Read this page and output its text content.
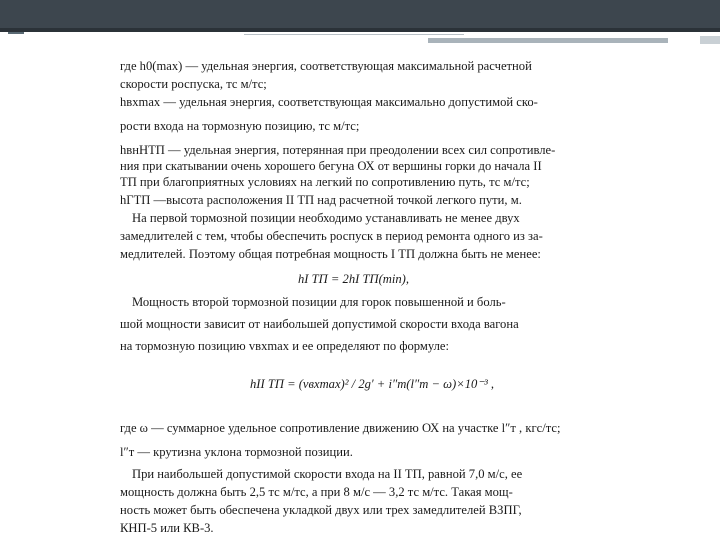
где h0(max) — удельная энергия, соответствующая максимальной расчетной
скорости роспуска, тс м/тс;
hвхmax — удельная энергия, соответствующая максимально допустимой ско-
рости входа на тормозную позицию, тс м/тс;
hвнНТП — удельная энергия, потерянная при преодолении всех сил сопротивле-
ния при скатывании очень хорошего бегуна ОХ от вершины горки до начала II
ТП при благоприятных условиях на легкий по сопротивлению путь, тс м/тс;
hГТП —высота расположения II ТП над расчетной точкой легкого пути, м.
На первой тормозной позиции необходимо устанавливать не менее двух
замедлителей с тем, чтобы обеспечить роспуск в период ремонта одного из за-
медлителей. Поэтому общая потребная мощность I ТП должна быть не менее:
hI ТП = 2hI ТП(min),
Мощность второй тормозной позиции для горок повышенной и боль-
шой мощности зависит от наибольшей допустимой скорости входа вагона
на тормозную позицию vвхmax и ее определяют по формуле:
hII ТП = (vвхmax)² / 2g′ + i″т(l″т − ω)×10⁻³ ,
где ω — суммарное удельное сопротивление движению ОХ на участке l″т , кгс/тс;
l″т — крутизна уклона тормозной позиции.
При наибольшей допустимой скорости входа на II ТП, равной 7,0 м/с, ее
мощность должна быть 2,5 тс м/тс, а при 8 м/с — 3,2 тс м/тс. Такая мощ-
ность может быть обеспечена укладкой двух или трех замедлителей ВЗПГ,
КНП-5 или КВ-3.
